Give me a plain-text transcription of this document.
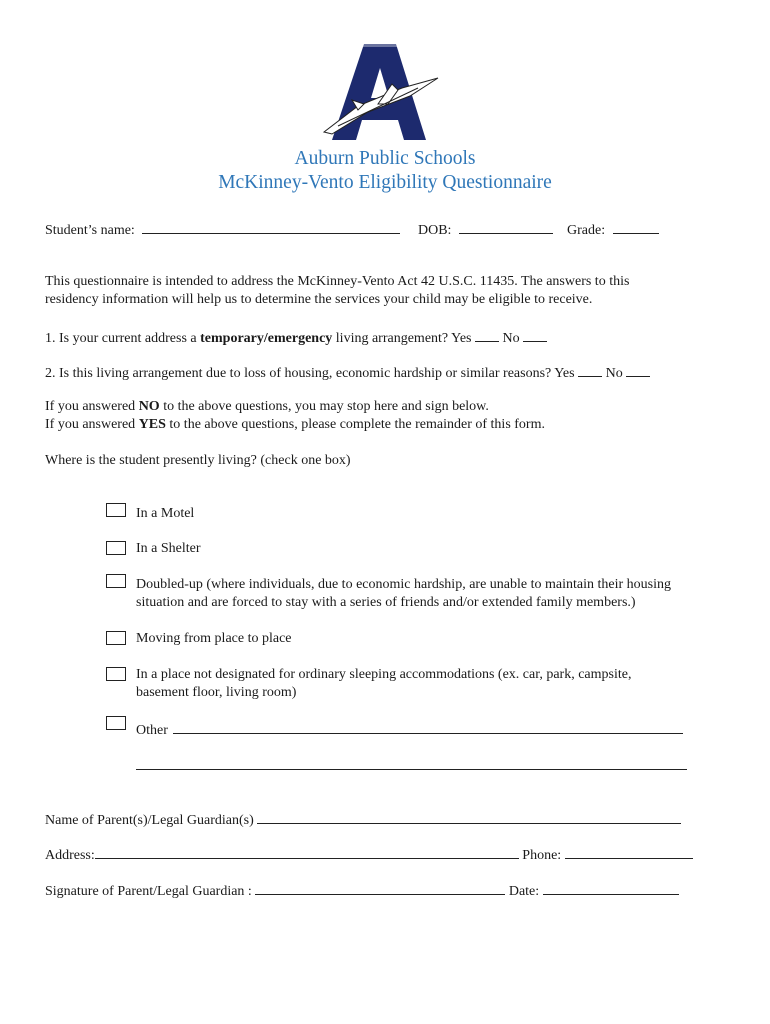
Auburn Public Schools
McKinney-Vento Eligibility Questionnaire
Student’s name:	DOB:	Grade:
This questionnaire is intended to address the McKinney-Vento Act 42 U.S.C. 11435. The answers to this
residency information will help us to determine the services your child may be eligible to receive.
1. Is your current address a temporary/emergency living arrangement? Yes  No
2. Is this living arrangement due to loss of housing, economic hardship or similar reasons? Yes  No
If you answered NO to the above questions, you may stop here and sign below.
If you answered YES to the above questions, please complete the remainder of this form.
Where is the student presently living? (check one box)
In a Motel
In a Shelter
Doubled-up (where individuals, due to economic hardship, are unable to maintain their housing
situation and are forced to stay with a series of friends and/or extended family members.)
Moving from place to place
In a place not designated for ordinary sleeping accommodations (ex. car, park, campsite,
basement floor, living room)
Other
Name of Parent(s)/Legal Guardian(s)
Address:	Phone:
Signature of Parent/Legal Guardian :	Date:
